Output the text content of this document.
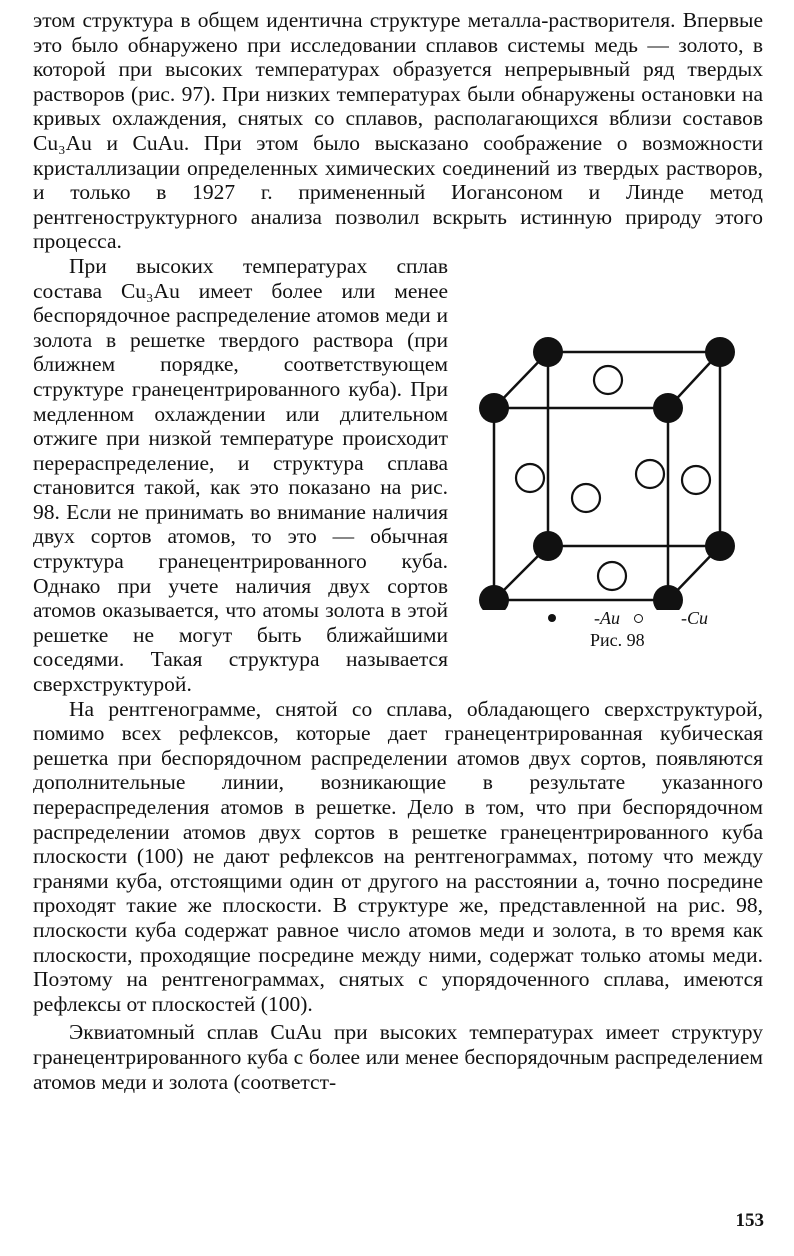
этом структура в общем идентична структуре металла-растворителя. Впервые это было обнаружено при исследовании сплавов системы медь — золото, в которой при высоких температурах образуется непрерывный ряд твердых растворов (рис. 97). При низких температурах были обнаружены остановки на кривых охлаждения, снятых со сплавов, располагающихся вблизи составов Cu₃Au и CuAu. При этом было высказано соображение о возможности кристаллизации определенных химических соединений из твердых растворов, и только в 1927 г. примененный Иогансоном и Линде метод рентгеноструктурного анализа позволил вскрыть истинную природу этого процесса.

-Au	-Cu
Рис. 98
При высоких температурах сплав состава Cu₃Au имеет более или менее беспорядочное распределение атомов меди и золота в решетке твердого раствора (при ближнем порядке, соответствующем структуре гранецентрированного куба). При медленном охлаждении или длительном отжиге при низкой температуре происходит перераспределение, и структура сплава становится такой, как это показано на рис. 98. Если не принимать во внимание наличия двух сортов атомов, то это — обычная структура гранецентрированного куба. Однако при учете наличия двух сортов атомов оказывается, что атомы золота в этой решетке не могут быть ближайшими соседями. Такая структура называется сверхструктурой.

На рентгенограмме, снятой со сплава, обладающего сверхструктурой, помимо всех рефлексов, которые дает гранецентрированная кубическая решетка при беспорядочном распределении атомов двух сортов, появляются дополнительные линии, возникающие в результате указанного перераспределения атомов в решетке. Дело в том, что при беспорядочном распределении атомов двух сортов в решетке гранецентрированного куба плоскости (100) не дают рефлексов на рентгенограммах, потому что между гранями куба, отстоящими один от другого на расстоянии a, точно посредине проходят такие же плоскости. В структуре же, представленной на рис. 98, плоскости куба содержат равное число атомов меди и золота, в то время как плоскости, проходящие посредине между ними, содержат только атомы меди. Поэтому на рентгенограммах, снятых с упорядоченного сплава, имеются рефлексы от плоскостей (100).

Эквиатомный сплав CuAu при высоких температурах имеет структуру гранецентрированного куба с более или менее беспорядочным распределением атомов меди и золота (соответст-

153
